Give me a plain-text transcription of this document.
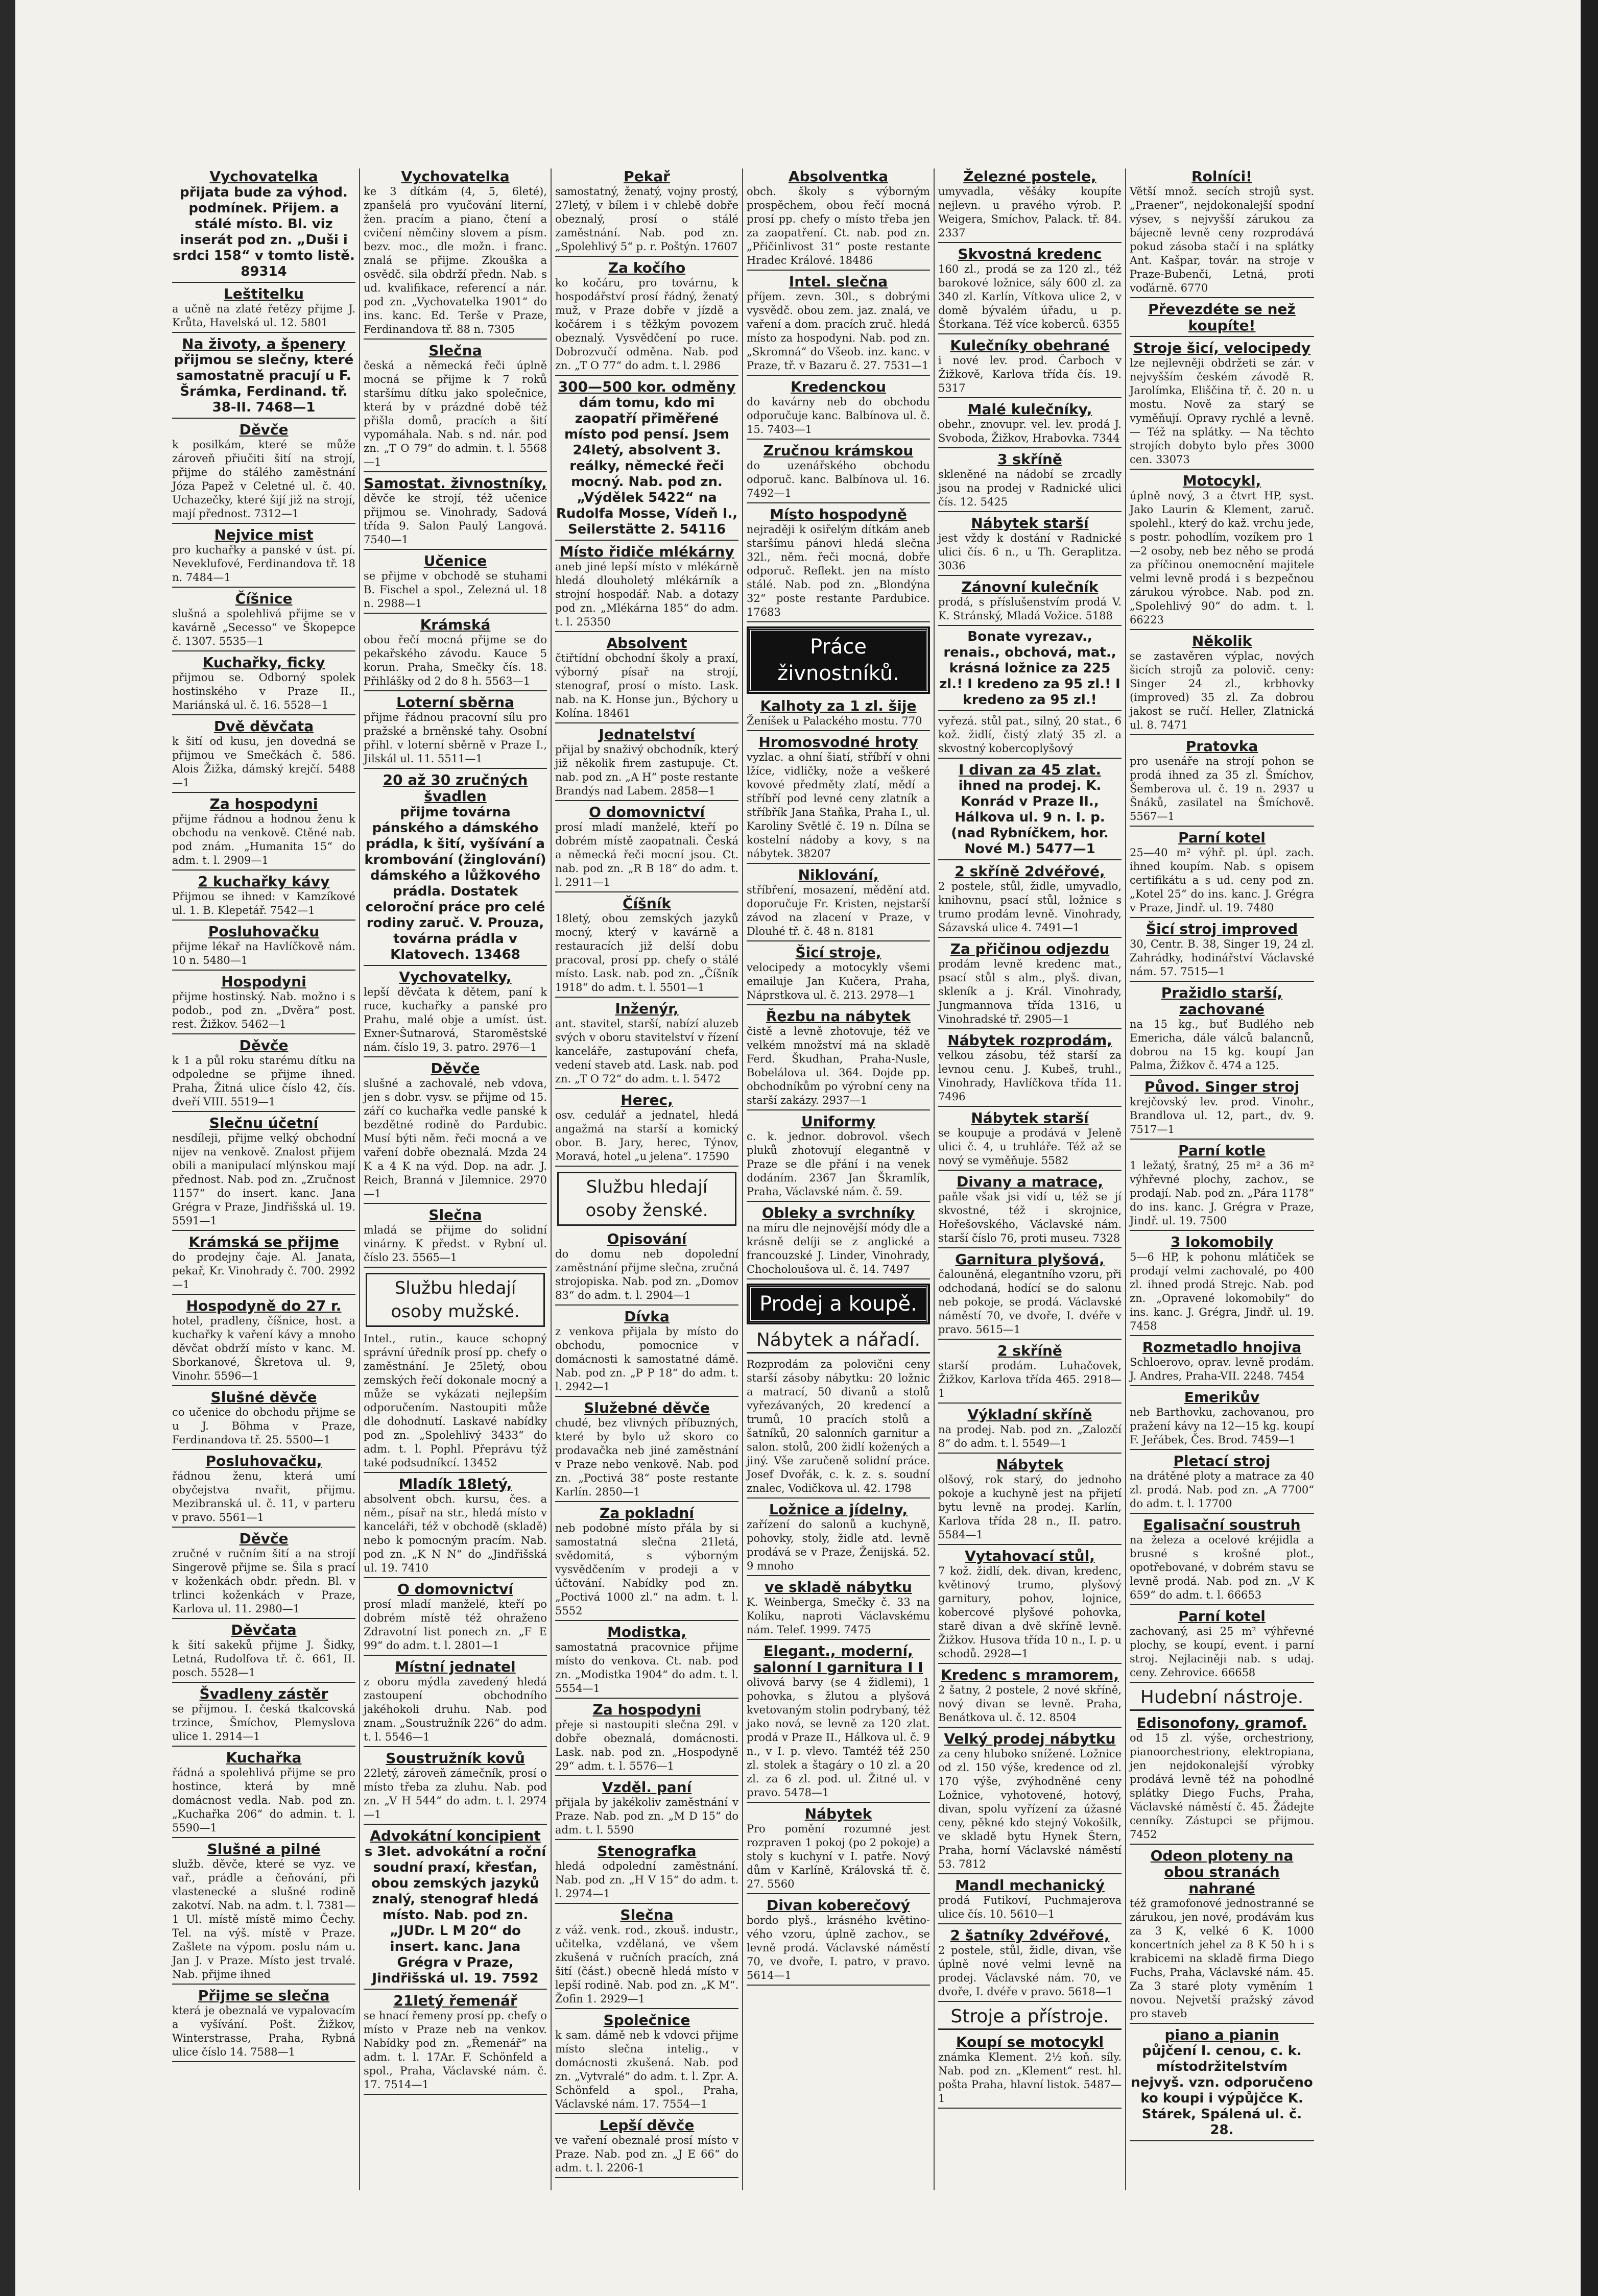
Vychovatelka
přijata bude za výhod. podmínek. Přijem. a stálé místo. Bl. viz inserát pod zn. „Duši i srdci 158“ v tomto listě. 89314
Leštitelku
a učně na zlaté řetězy přijme J. Krůta, Havelská ul. 12. 5801
Na životy, a špenery
přijmou se slečny, které samostatně pracují u F. Šrámka, Ferdinand. tř. 38-II. 7468—1
Děvče
k posilkám, které se může zároveň přiučiti šití na strojí, přijme do stálého zaměstnání Józa Papež v Celetné ul. č. 40. Uchazečky, které šijí již na strojí, mají přednost. 7312—1
Nejvice mist
pro kuchařky a panské v úst. pí. Neveklufové, Ferdinandova tř. 18 n. 7484—1
Číšnice
slušná a spolehlivá přijme se v kavárně „Secesso“ ve Škopepce č. 1307. 5535—1
Kuchařky, ficky
přijmou se. Odborný spolek hostinského v Praze II., Mariánská ul. č. 16. 5528—1
Dvě děvčata
k šití od kusu, jen dovedná se přijmou ve Smečkách č. 586. Alois Žižka, dámský krejčí. 5488—1
Za hospodyni
přijme řádnou a hodnou ženu k obchodu na venkově. Ctěné nab. pod znám. „Humanita 15“ do adm. t. l. 2909—1
2 kuchařky kávy
Přijmou se ihned: v Kamzíkové ul. 1. B. Klepetář. 7542—1
Posluhovačku
přijme lékař na Havlíčkově nám. 10 n. 5480—1
Hospodyni
přijme hostinský. Nab. možno i s podob., pod zn. „Dvěra“ post. rest. Žižkov. 5462—1
Děvče
k 1 a půl roku starému dítku na odpoledne se přijme ihned. Praha, Žitná ulice číslo 42, čís. dveří VIII. 5519—1
Slečnu účetní
nesdíleji, přijme velký obchodní nijev na venkově. Znalost přijem obili a manipulací mlýnskou mají přednost. Nab. pod zn. „Zručnost 1157“ do insert. kanc. Jana Grégra v Praze, Jindřišská ul. 19. 5591—1
Krámská se přijme
do prodejny čaje. Al. Janata, pekař, Kr. Vinohrady č. 700. 2992—1
Hospodyně do 27 r.
hotel, pradleny, číšnice, host. a kuchařky k vaření kávy a mnoho děvčat obdrží místo v kanc. M. Sborkanové, Škretova ul. 9, Vinohr. 5596—1
Slušné děvče
co učenice do obchodu přijme se u J. Böhma v Praze, Ferdinandova tř. 25. 5500—1
Posluhovačku,
řádnou ženu, která umí obyčejstva nvařit, přijmu. Mezibranská ul. č. 11, v parteru v pravo. 5561—1
Děvče
zručné v ručním šití a na strojí Singerově přijme se. Šila s prací v koženkách obdr. předn. Bl. v trlinci koženkách v Praze, Karlova ul. 11. 2980—1
Děvčata
k šití sakeků přijme J. Šidky, Letná, Rudolfova tř. č. 661, II. posch. 5528—1
Švadleny zástěr
se přijmou. I. česká tkalcovská trzince, Šmíchov, Plemyslova ulice 1. 2914—1
Kuchařka
řádná a spolehlivá přijme se pro hostince, která by mně domácnost vedla. Nab. pod zn. „Kuchařka 206“ do admin. t. l. 5590—1
Slušné a pilné
služb. děvče, které se vyz. ve vař., prádle a čeňování, při vlastenecké a slušné rodině zakotví. Nab. na adm. t. l. 7381—1 Ul. místě místě mimo Čechy. Tel. na výš. místě v Praze. Zašlete na výpom. poslu nám u. Jan J. v Praze. Místo jest trvalé. Nab. přijme ihned
Přijme se slečna
která je obeznalá ve vypalovacím a vyšívání. Pošt. Žižkov, Winterstrasse, Praha, Rybná ulice číslo 14. 7588—1
Vychovatelka
ke 3 dítkám (4, 5, 6leté), zpanšelá pro vyučování literní, žen. pracím a piano, čtení a cvičení němčiny slovem a písm. bezv. moc., dle možn. i franc. znalá se přijme. Zkouška a osvědč. sila obdrží předn. Nab. s ud. kvalifikace, referencí a nár. pod zn. „Vychovatelka 1901“ do ins. kanc. Ed. Terše v Praze, Ferdinandova tř. 88 n. 7305
Slečna
česká a německá řeči úplně mocná se přijme k 7 roků staršímu dítku jako společnice, která by v prázdné době též přišla domů, pracích a šití vypomáhala. Nab. s nd. nár. pod zn. „T O 79“ do admin. t. l. 5568—1
Samostat. živnostníky,
děvče ke strojí, též učenice přijmou se. Vinohrady, Sadová třída 9. Salon Paulý Langová. 7540—1
Učenice
se přijme v obchodě se stuhami B. Fischel a spol., Zelezná ul. 18 n. 2988—1
Krámská
obou řečí mocná přijme se do pekařského závodu. Kauce 5 korun. Praha, Smečky čís. 18. Přihlášky od 2 do 8 h. 5563—1
Loterní sběrna
přijme řádnou pracovní sílu pro pražské a brněnské tahy. Osobní přihl. v loterní sběrně v Praze I., Jilskál ul. 11. 5511—1
20 až 30 zručných švadlen
přijme továrna pánského a dámského prádla, k šití, vyšívání a krombování (žinglování) dámského a lůžkového prádla. Dostatek celoroční práce pro celé rodiny zaruč. V. Prouza, továrna prádla v Klatovech. 13468
Vychovatelky,
lepší děvčata k dětem, paní k ruce, kuchařky a panské pro Prahu, malé obje a umíst. úst. Exner-Šutnarová, Staroměstské nám. číslo 19, 3. patro. 2976—1
Děvče
slušné a zachovalé, neb vdova, jen s dobr. vysv. se přijme od 15. září co kuchařka vedle panské k bezdětné rodině do Pardubic. Musí býti něm. řeči mocná a ve vaření dobře obeznalá. Mzda 24 K a 4 K na výd. Dop. na adr. J. Reich, Branná v Jilemnice. 2970—1
Slečna
mladá se přijme do solidní vinárny. K předst. v Rybní ul. číslo 23. 5565—1
Službu hledají osoby mužské.
Intel., rutin., kauce schopný správní úředník prosí pp. chefy o zaměstnání. Je 25letý, obou zemských řečí dokonale mocný a může se vykázati nejlepším odporučením. Nastoupiti může dle dohodnutí. Laskavé nabídky pod zn. „Spolehlivý 3433“ do adm. t. l. Pophl. Přeprávu týž také podsudníkcí. 13452
Mladík 18letý,
absolvent obch. kursu, čes. a něm., písař na str., hledá místo v kanceláři, též v obchodě (skladě) nebo k pomocným pracím. Nab. pod zn. „K N N“ do „Jindřišská ul. 19. 7410
O domovnictví
prosí mladí manželé, kteří po dobrém místě též ohraženo Zdravotní list ponech zn. „F E 99“ do adm. t. l. 2801—1
Místní jednatel
z oboru mýdla zavedený hledá zastoupení obchodního jakéhokoli druhu. Nab. pod znam. „Soustružník 226“ do adm. t. l. 5546—1
Soustružník kovů
22letý, zároveň zámečník, prosí o místo třeba za zluhu. Nab. pod zn. „V H 544“ do adm. t. l. 2974—1
Advokátní koncipient
s 3let. advokátní a roční soudní praxí, křesťan, obou zemských jazyků znalý, stenograf hledá místo. Nab. pod zn. „JUDr. L M 20“ do insert. kanc. Jana Grégra v Praze, Jindřišská ul. 19. 7592
21letý řemenář
se hnací řemeny prosí pp. chefy o místo v Praze neb na venkov. Nabídky pod zn. „Řemenář“ na adm. t. l. 17Ar. F. Schönfeld a spol., Praha, Václavské nám. č. 17. 7514—1
Pekař
samostatný, ženatý, vojny prostý, 27letý, v bílem i v chlebě dobře obeznalý, prosí o stálé zaměstnání. Nab. pod zn. „Spolehlivý 5“ p. r. Poštýn. 17607
Za kočího
ko kočáru, pro továrnu, k hospodářství prosí řádný, ženatý muž, v Praze dobře v jízdě a kočárem i s těžkým povozem obeznalý. Vysvědčení po ruce. Dobrozvučí odměna. Nab. pod zn. „T O 77“ do adm. t. l. 2986
300—500 kor. odměny
dám tomu, kdo mi zaopatří přiměřené místo pod pensí. Jsem 24letý, absolvent 3. reálky, německé řeči mocný. Nab. pod zn. „Výdělek 5422“ na Rudolfa Mosse, Vídeň I., Seilerstätte 2. 54116
Místo řidiče mlékárny
aneb jiné lepší místo v mlékárně hledá dlouholetý mlékárník a strojní hospodář. Nab. a dotazy pod zn. „Mlékárna 185“ do adm. t. l. 25350
Absolvent
čtiřtídní obchodní školy a praxí, výborný písař na strojí, stenograf, prosí o místo. Lask. nab. na K. Honse jun., Býchory u Kolína. 18461
Jednatelství
přijal by snaživý obchodník, který již několik firem zastupuje. Ct. nab. pod zn. „A H“ poste restante Brandýs nad Labem. 2858—1
O domovnictví
prosí mladí manželé, kteří po dobrém místě zaopatnali. Česká a německá řeči mocní jsou. Ct. nab. pod zn. „R B 18“ do adm. t. l. 2911—1
Číšník
18letý, obou zemských jazyků mocný, který v kavárně a restauracích již delší dobu pracoval, prosí pp. chefy o stálé místo. Lask. nab. pod zn. „Číšník 1918“ do adm. t. l. 5501—1
Inženýr,
ant. stavitel, starší, nabízí aluzeb svých v oboru stavitelství v řízení kanceláře, zastupování chefa, vedení staveb atd. Lask. nab. pod zn. „T O 72“ do adm. t. l. 5472
Herec,
osv. cedulář a jednatel, hledá angažmá na starší a komický obor. B. Jary, herec, Týnov, Moravá, hotel „u jelena“. 17590
Službu hledají osoby ženské.
Opisování
do domu neb dopolední zaměstnání přijme slečna, zručná strojopiska. Nab. pod zn. „Domov 83“ do adm. t. l. 2904—1
Dívka
z venkova přijala by místo do obchodu, pomocnice v domácnosti k samostatné dámě. Nab. pod zn. „P P 18“ do adm. t. l. 2942—1
Služebné děvče
chudé, bez vlivných příbuzných, které by bylo už skoro co prodavačka neb jiné zaměstnání v Praze nebo venkově. Nab. pod zn. „Poctivá 38“ poste restante Karlín. 2850—1
Za pokladní
neb podobné místo přála by si samostatná slečna 21letá, svědomitá, s výborným vysvědčením v prodeji a v účtování. Nabídky pod zn. „Poctivá 1000 zl.“ na adm. t. l. 5552
Modistka,
samostatná pracovnice přijme místo do venkova. Ct. nab. pod zn. „Modistka 1904“ do adm. t. l. 5554—1
Za hospodyni
přeje si nastoupiti slečna 29l. v dobře obeznalá, domácnosti. Lask. nab. pod zn. „Hospodyně 29“ adm. t. l. 5576—1
Vzděl. paní
přijala by jakékoliv zaměstnání v Praze. Nab. pod zn. „M D 15“ do adm. t. l. 5590
Stenografka
hledá odpolední zaměstnání. Nab. pod zn. „H V 15“ do adm. t. l. 2974—1
Slečna
z váž. venk. rod., zkouš. industr., učitelka, vzdělaná, ve všem zkušená v ručních pracích, zná šití (část.) obecně hledá místo v lepší rodině. Nab. pod zn. „K M“. Žofin 1. 2929—1
Společnice
k sam. dámě neb k vdovci přijme místo slečna intelig., v domácnosti zkušená. Nab. pod zn. „Vytvralé“ do adm. t. l. Zpr. A. Schönfeld a spol., Praha, Václavské nám. 17. 7554—1
Lepší děvče
ve vaření obeznalé prosí místo v Praze. Nab. pod zn. „J E 66“ do adm. t. l. 2206-1
Absolventka
obch. školy s výborným prospěchem, obou řečí mocná prosí pp. chefy o místo třeba jen za zaopatření. Ct. nab. pod zn. „Přičinlivost 31“ poste restante Hradec Králové. 18486
Intel. slečna
příjem. zevn. 30l., s dobrými vysvědč. obou zem. jaz. znalá, ve vaření a dom. pracích zruč. hledá místo za hospodyni. Nab. pod zn. „Skromná“ do Všeob. inz. kanc. v Praze, tř. v Bazaru č. 27. 7531—1
Kredenckou
do kavárny neb do obchodu odporučuje kanc. Balbínova ul. č. 15. 7403—1
Zručnou krámskou
do uzenářského obchodu odporuč. kanc. Balbínova ul. 16. 7492—1
Místo hospodyně
nejraději k osiřelým dítkám aneb staršímu pánovi hledá slečna 32l., něm. řeči mocná, dobře odporuč. Reflekt. jen na místo stálé. Nab. pod zn. „Blondýna 32“ poste restante Pardubice. 17683
Práce živnostníků.
Kalhoty za 1 zl. šije
Ženíšek u Palackého mostu. 770
Hromosvodné hroty
vyzlac. a ohní šiatí, stříbří v ohni lžíce, vidličky, nože a veškeré kovové předměty zlatí, mědí a stříbří pod levné ceny zlatník a stříbřík Jana Staňka, Praha I., ul. Karoliny Světlé č. 19 n. Dílna se kostelní nádoby a kovy, s na nábytek. 38207
Niklování,
stříbření, mosazení, mědění atd. doporučuje Fr. Kristen, nejstarší závod na zlacení v Praze, v Dlouhé tř. č. 48 n. 8181
Šicí stroje,
velocipedy a motocykly všemi emailuje Jan Kučera, Praha, Náprstkova ul. č. 213. 2978—1
Řezbu na nábytek
čistě a levně zhotovuje, též ve velkém množství má na skladě Ferd. Škudhan, Praha-Nusle, Bobelálova ul. 364. Dojde pp. obchodníkům po výrobní ceny na starší zakázy. 2937—1
Uniformy
c. k. jednor. dobrovol. všech pluků zhotovují elegantně v Praze se dle přání i na venek dodáním. 2367 Jan Škramlík, Praha, Václavské nám. č. 59.
Obleky a svrchníky
na míru dle nejnovější módy dle a krásně delíji se z anglické a francouzské J. Linder, Vinohrady, Chocholoušova ul. č. 14. 7497
Prodej a koupě.
Nábytek a nářadí.
Rozprodám za polovični ceny starší zásoby nábytku: 20 ložnic a matrací, 50 divanů a stolů vyřezávaných, 20 kredencí a trumů, 10 pracích stolů a šatníků, 20 salonních garnitur a salon. stolů, 200 židlí kožených a jiný. Vše zaručeně solidní práce. Josef Dvořák, c. k. z. s. soudní znalec, Vodičkova ul. 42. 1798
Ložnice a jídelny,
zařízení do salonů a kuchyně, pohovky, stoly, židle atd. levně prodává se v Praze, Ženijská. 52. 9 mnoho
ve skladě nábytku
K. Weinberga, Smečky č. 33 na Kolíku, naproti Václavskému nám. Telef. 1999. 7475
Elegant., moderní, salonní I garnitura I I
olivová barvy (se 4 židlemi), 1 pohovka, s žlutou a plyšová kvetovaným stolin podrybaný, též jako nová, se levně za 120 zlat. prodá v Praze II., Hálkova ul. č. 9 n., v I. p. vlevo. Tamtéž též 250 zl. stolek a štagáry o 10 zl. a 20 zl. za 6 zl. pod. ul. Žitné ul. v pravo. 5478—1
Nábytek
Pro pomění rozumné jest rozpraven 1 pokoj (po 2 pokoje) a stoly s kuchyní v I. patře. Nový dům v Karlíně, Královská tř. č. 27. 5560
Divan koberečový
bordo plyš., krásného květino-vého vzoru, úplně zachov., se levně prodá. Václavské náměstí 70, ve dvoře, I. patro, v pravo. 5614—1
Železné postele,
umyvadla, věšáky koupíte nejlevn. u pravého výrob. P. Weigera, Smíchov, Palack. tř. 84. 2337
Skvostná kredenc
160 zl., prodá se za 120 zl., též barokové ložnice, sály 600 zl. za 340 zl. Karlín, Vítkova ulice 2, v domě bývalém úřadu, u p. Štorkana. Též více koberců. 6355
Kulečníky obehrané
i nové lev. prod. Čarboch v Žižkově, Karlova třída čís. 19. 5317
Malé kulečníky,
obehr., znovupr. vel. lev. prodá J. Svoboda, Žižkov, Hrabovka. 7344
3 skříně
skleněné na nádobí se zrcadly jsou na prodej v Radnické ulici čís. 12. 5425
Nábytek starší
jest vždy k dostání v Radnické ulici čís. 6 n., u Th. Geraplitza. 3036
Zánovní kulečník
prodá, s příslušenstvím prodá V. K. Stránský, Mladá Vožice. 5188
Bonate vyrezav., renais., obchová, mat., krásná ložnice za 225 zl.! I kredeno za 95 zl.! I kredeno za 95 zl.!
vyřezá. stůl pat., silný, 20 stat., 6 kož. židlí, čistý zlatý 35 zl. a skvostný kobercoplyšový
I divan za 45 zlat.
ihned na prodej. K. Konrád v Praze II., Hálkova ul. 9 n. I. p. (nad Rybníčkem, hor. Nové M.) 5477—1
2 skříně 2dvéřové,
2 postele, stůl, židle, umyvadlo, knihovnu, psací stůl, ložnice s trumo prodám levně. Vinohrady, Sázavská ulice 4. 7491—1
Za přičinou odjezdu
prodám levně kredenc mat., psací stůl s alm., plyš. divan, skleník a j. Král. Vinohrady, Jungmannova třída 1316, u Vinohradské tř. 2905—1
Nábytek rozprodám,
velkou zásobu, též starší za levnou cenu. J. Kubeš, truhl., Vinohrady, Havlíčkova třída 11. 7496
Nábytek starší
se koupuje a prodává v Jeleně ulici č. 4, u truhláře. Též až se nový se vyměňuje. 5582
Divany a matrace,
paňle však jsi vidí u, též se jí skvostné, též i skrojnice, Hořešovského, Václavské nám. starší číslo 76, proti museu. 7328
Garnitura plyšová,
čalouněná, elegantního vzoru, při odchodaná, hodící se do salonu neb pokoje, se prodá. Václavské náměstí 70, ve dvoře, I. dvéře v pravo. 5615—1
2 skříně
starší prodám. Luhačovek, Žižkov, Karlova třída 465. 2918—1
Výkladní skříně
na prodej. Nab. pod zn. „Zalozčí 8“ do adm. t. l. 5549—1
Nábytek
olšový, rok starý, do jednoho pokoje a kuchyně jest na přijetí bytu levně na prodej. Karlín, Karlova třída 28 n., II. patro. 5584—1
Vytahovací stůl,
7 kož. židlí, dek. divan, kredenc, květinový trumo, plyšový garnitury, pohov, lojnice, kobercové plyšové pohovka, starě divan a dvě skříně levně. Žižkov. Husova třída 10 n., I. p. u schodů. 2928—1
Kredenc s mramorem,
2 šatny, 2 postele, 2 nové skříně, nový divan se levně. Praha, Benátkova ul. č. 12. 8504
Velký prodej nábytku
za ceny hluboko snížené. Ložnice od zl. 150 výše, kredence od zl. 170 výše, zvýhodněné ceny Ložnice, vyhotovené, hotový, divan, spolu vyřízení za úžasné ceny, pěkné kdo stejný Vokošilk, ve skladě bytu Hynek Štern, Praha, horní Václavské náměstí 53. 7812
Mandl mechanický
prodá Futikoví, Puchmajerova ulice čís. 10. 5610—1
2 šatníky 2dvéřové,
2 postele, stůl, židle, divan, vše úplně nové velmi levně na prodej. Václavské nám. 70, ve dvoře, I. dvéře v pravo. 5618—1
Stroje a přístroje.
Koupí se motocykl
známka Klement. 2½ koň. síly. Nab. pod zn. „Klement“ rest. hl. pošta Praha, hlavní listok. 5487—1
Rolníci!
Větší množ. secích strojů syst. „Praener“, nejdokonalejší spodní výsev, s nejvyšší zárukou za bájecně levně ceny rozprodává pokud zásoba stačí i na splátky Ant. Kašpar, továr. na stroje v Praze-Bubenči, Letná, proti voďárně. 6770
Převezdéte se než koupíte!
Stroje šicí, velocipedy
lze nejlevněji obdržeti se zár. v nejvyšším českém závodě R. Jarolímka, Eliščina tř. č. 20 n. u mostu. Nově za starý se vyměňují. Opravy rychlé a levně. — Též na splátky. — Na těchto strojích dobyto bylo přes 3000 cen. 33073
Motocykl,
úplně nový, 3 a čtvrt HP, syst. Jako Laurin & Klement, zaruč. spolehl., který do kaž. vrchu jede, s postr. pohodlím, vozíkem pro 1—2 osoby, neb bez něho se prodá za příčinou onemocnění majitele velmi levně prodá i s bezpečnou zárukou výrobce. Nab. pod zn. „Spolehlivý 90“ do adm. t. l. 66223
Několik
se zastavěren výplac, nových šicích strojů za polovič. ceny: Singer 24 zl., krbhovky (improved) 35 zl. Za dobrou jakost se ručí. Heller, Zlatnická ul. 8. 7471
Pratovka
pro usenáře na strojí pohon se prodá ihned za 35 zl. Šmíchov, Šemberova ul. č. 19 n. 2937 u Šnáků, zasilatel na Šmíchově. 5567—1
Parní kotel
25—40 m² výhř. pl. úpl. zach. ihned koupím. Nab. s opisem certifikátu a s ud. ceny pod zn. „Kotel 25“ do ins. kanc. J. Grégra v Praze, Jindř. ul. 19. 7480
Šicí stroj improved
30, Centr. B. 38, Singer 19, 24 zl. Zahrádky, hodinářství Václavské nám. 57. 7515—1
Pražidlo starší, zachované
na 15 kg., buť Budlého neb Emericha, dále válců balancnů, dobrou na 15 kg. koupí Jan Palma, Žižkov č. 474 a 125.
Původ. Singer stroj
krejčovský lev. prod. Vinohr., Brandlova ul. 12, part., dv. 9. 7517—1
Parní kotle
1 ležatý, šratný, 25 m² a 36 m² výhřevné plochy, zachov., se prodají. Nab. pod zn. „Pára 1178“ do ins. kanc. J. Grégra v Praze, Jindř. ul. 19. 7500
3 lokomobily
5—6 HP, k pohonu mlátiček se prodají velmi zachovalé, po 400 zl. ihned prodá Strejc. Nab. pod zn. „Opravené lokomobily“ do ins. kanc. J. Grégra, Jindř. ul. 19. 7458
Rozmetadlo hnojiva
Schloerovo, oprav. levně prodám. J. Andres, Praha-VII. 2248. 7454
Emerikův
neb Barthovku, zachovanou, pro pražení kávy na 12—15 kg. koupí F. Jeřábek, Čes. Brod. 7459—1
Pletací stroj
na drátěné ploty a matrace za 40 zl. prodá. Nab. pod zn. „A 7700“ do adm. t. l. 17700
Egalisační soustruh
na železa a ocelové kréjidla a brusné s krošné plot., opotřebované, v dobrém stavu se levně prodá. Nab. pod zn. „V K 659“ do adm. t. l. 66653
Parní kotel
zachovaný, asi 25 m² výhřevné plochy, se koupí, event. i parní stroj. Nejlaciněji nab. s udaj. ceny. Zehrovice. 66658
Hudební nástroje.
Edisonofony, gramof.
od 15 zl. výše, orchestriony, pianoorchestriony, elektropiana, jen nejdokonalejší výrobky prodává levně též na pohodlné splátky Diego Fuchs, Praha, Václavské náměstí č. 45. Žádejte cenníky. Zástupci se přijmou. 7452
Odeon ploteny na obou stranách nahrané
též gramofonové jednostranné se zárukou, jen nové, prodávám kus za 3 K, velké 6 K. 1000 koncertních jehel za 8 K 50 h i s krabicemi na skladě firma Diego Fuchs, Praha, Václavské nám. 45. Za 3 staré ploty vyměním 1 novou. Nejvetší pražský závod pro staveb
piano a pianin
půjčení I. cenou, c. k. místodržitelstvím nejvyš. vzn. odporučeno ko koupi i výpůjčce K. Stárek, Spálená ul. č. 28.
